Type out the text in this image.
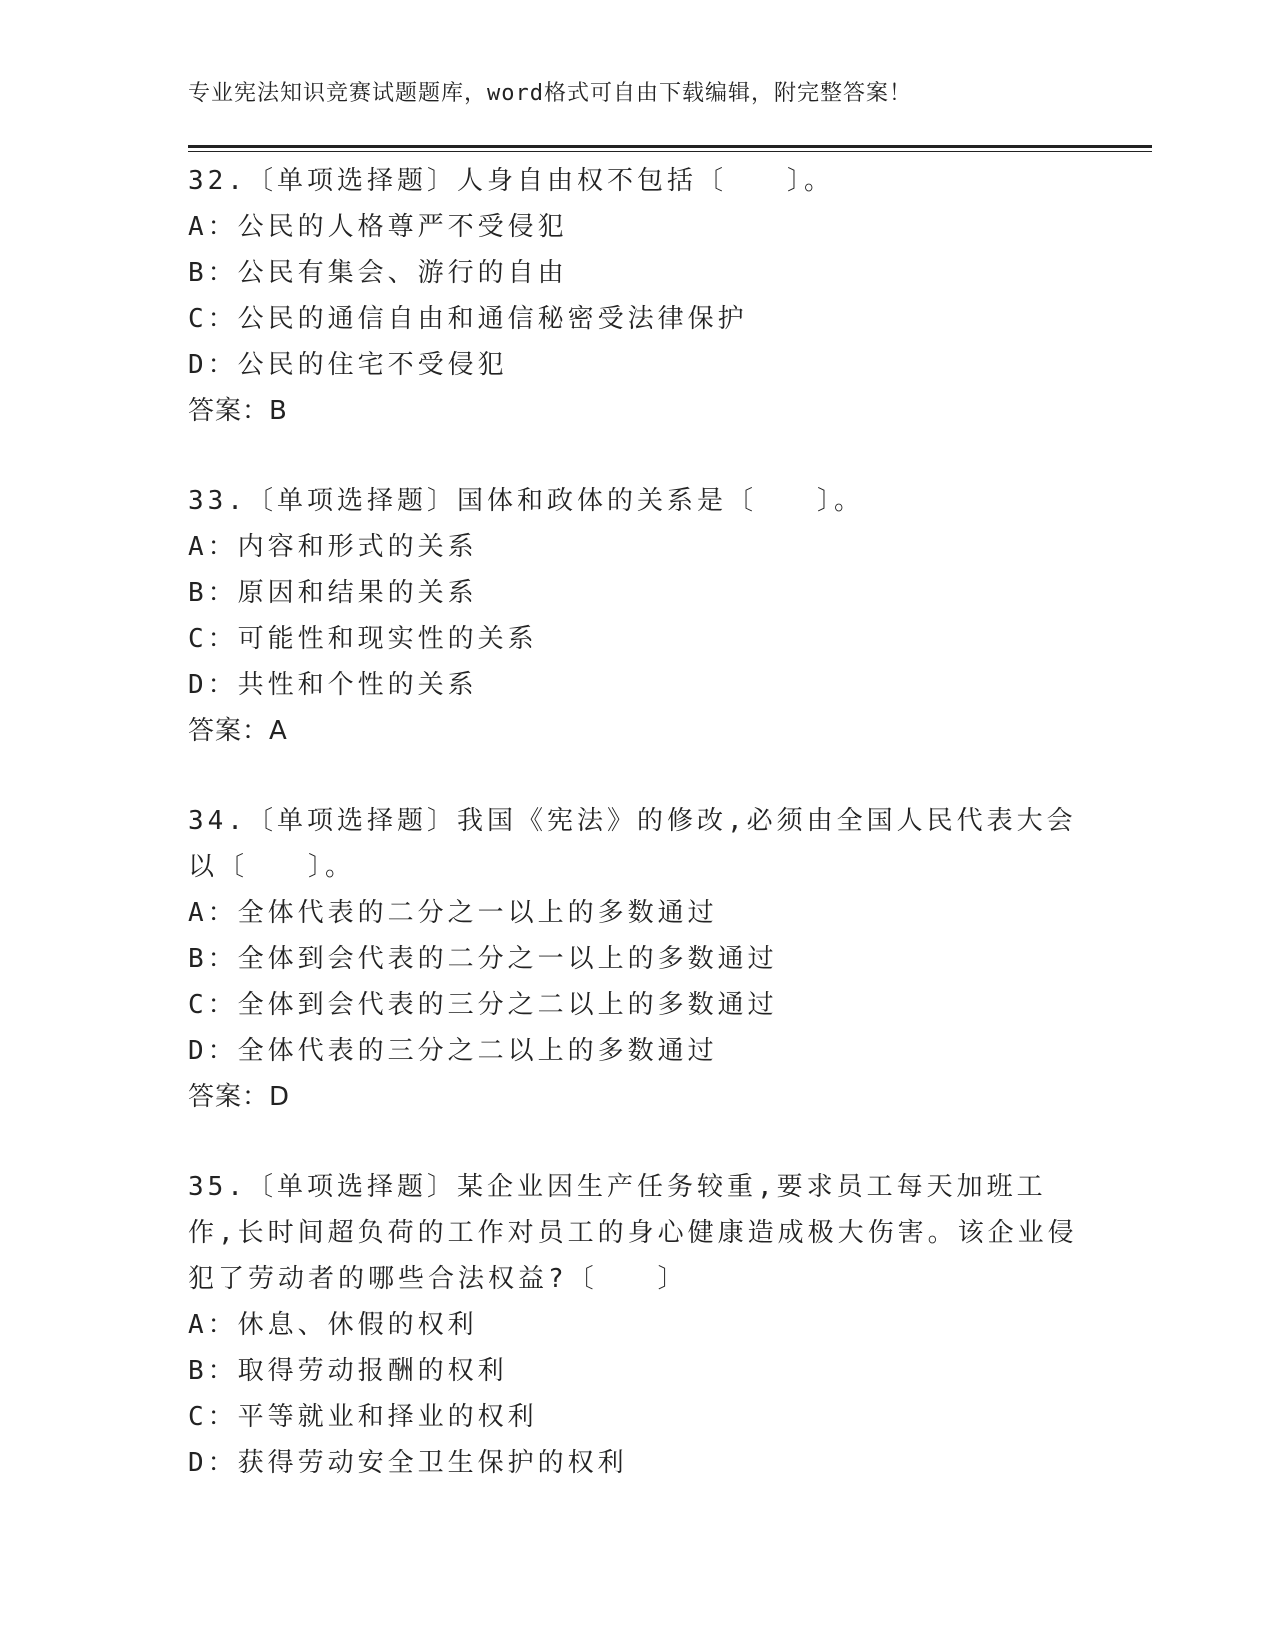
专业宪法知识竞赛试题题库，word格式可自由下载编辑，附完整答案！
32.〔单项选择题〕人身自由权不包括〔　　〕。
A：公民的人格尊严不受侵犯
B：公民有集会、游行的自由
C：公民的通信自由和通信秘密受法律保护
D：公民的住宅不受侵犯
答案：B
33.〔单项选择题〕国体和政体的关系是〔　　〕。
A：内容和形式的关系
B：原因和结果的关系
C：可能性和现实性的关系
D：共性和个性的关系
答案：A
34.〔单项选择题〕我国《宪法》的修改,必须由全国人民代表大会以〔　　〕。
A：全体代表的二分之一以上的多数通过
B：全体到会代表的二分之一以上的多数通过
C：全体到会代表的三分之二以上的多数通过
D：全体代表的三分之二以上的多数通过
答案：D
35.〔单项选择题〕某企业因生产任务较重,要求员工每天加班工作,长时间超负荷的工作对员工的身心健康造成极大伤害。该企业侵犯了劳动者的哪些合法权益?〔　　〕
A：休息、休假的权利
B：取得劳动报酬的权利
C：平等就业和择业的权利
D：获得劳动安全卫生保护的权利
